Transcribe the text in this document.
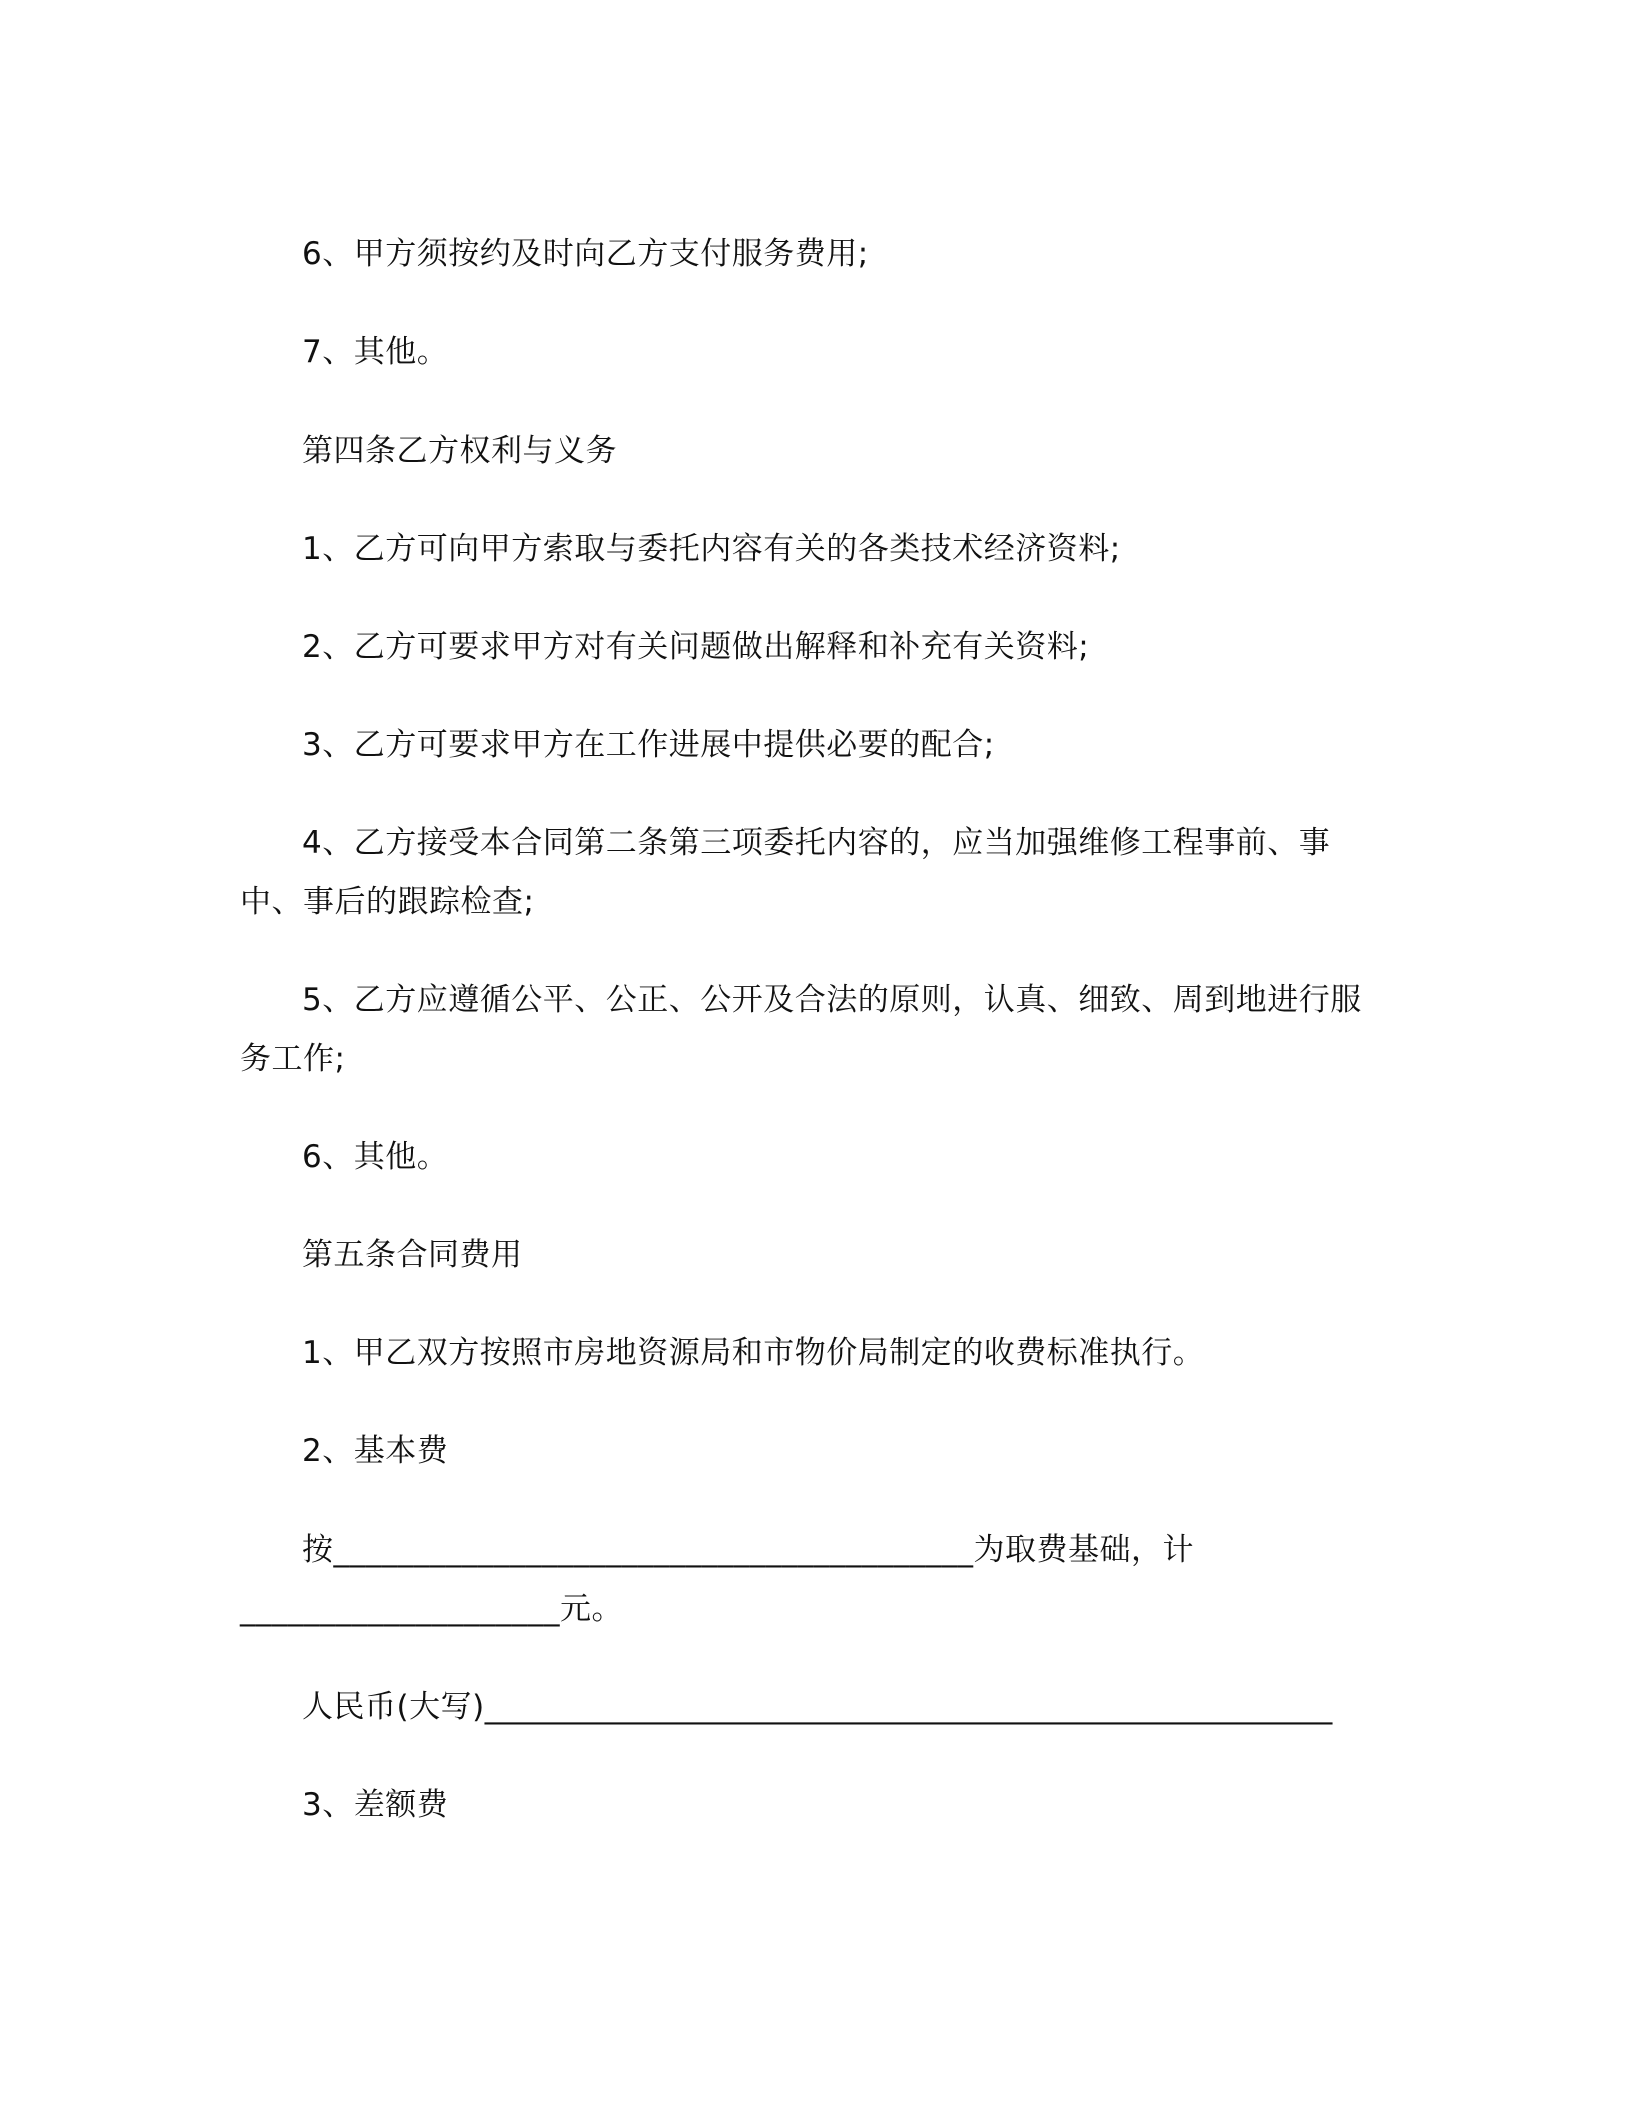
6、甲方须按约及时向乙方支付服务费用;
7、其他。
第四条乙方权利与义务
1、乙方可向甲方索取与委托内容有关的各类技术经济资料;
2、乙方可要求甲方对有关问题做出解释和补充有关资料;
3、乙方可要求甲方在工作进展中提供必要的配合;
4、乙方接受本合同第二条第三项委托内容的，应当加强维修工程事前、事
中、事后的跟踪检查;
5、乙方应遵循公平、公正、公开及合法的原则，认真、细致、周到地进行服
务工作;
6、其他。
第五条合同费用
1、甲乙双方按照市房地资源局和市物价局制定的收费标准执行。
2、基本费
按________________________________________为取费基础，计
____________________元。
人民币(大写)_____________________________________________________
3、差额费
